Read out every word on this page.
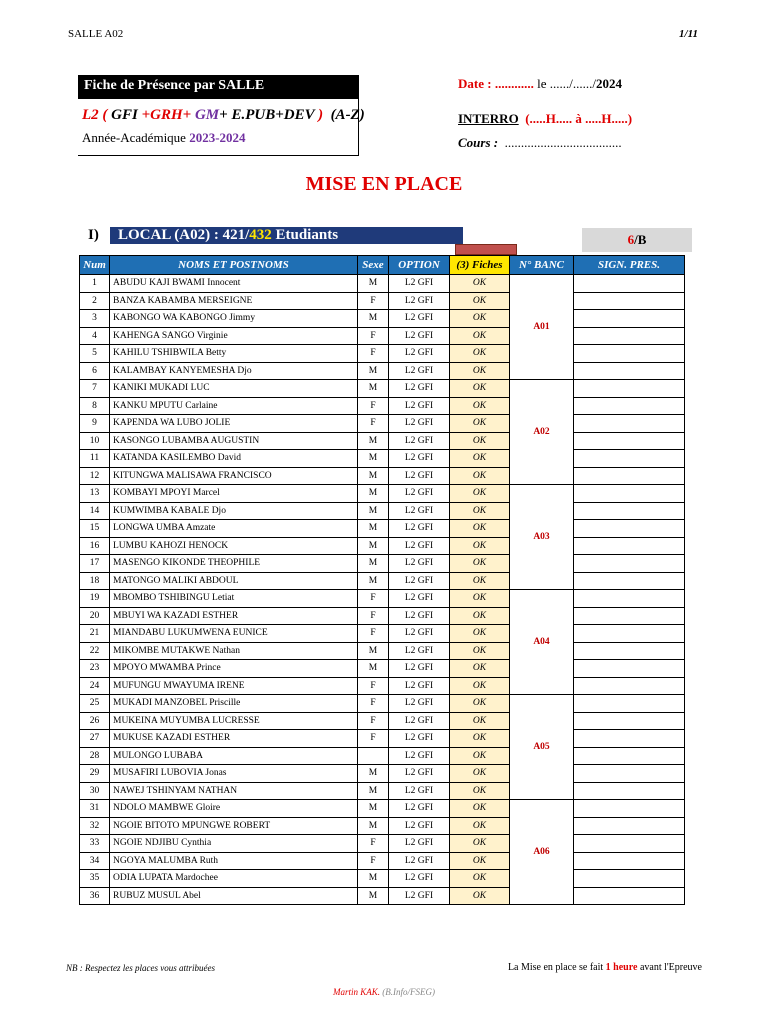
SALLE A02	1/11
Fiche de Présence par SALLE
L2 ( GFI +GRH+ GM+ E.PUB+DEV ) (A-Z)
Année-Académique 2023-2024
Date : ............ le ....../....../2024
INTERRO (.....H..... à .....H.....)
Cours : ....................................
MISE EN PLACE
I)	LOCAL (A02) : 421/432 Etudiants	6/B
Num	NOMS ET POSTNOMS	Sexe	OPTION	(3) Fiches	N° BANC	SIGN. PRES.
1	ABUDU KAJI BWAMI Innocent	M	L2 GFI	OK	A01	
2	BANZA KABAMBA MERSEIGNE	F	L2 GFI	OK		
3	KABONGO WA KABONGO Jimmy	M	L2 GFI	OK		
4	KAHENGA SANGO Virginie	F	L2 GFI	OK		
5	KAHILU TSHIBWILA Betty	F	L2 GFI	OK		
6	KALAMBAY KANYEMESHA Djo	M	L2 GFI	OK		
7	KANIKI MUKADI LUC	M	L2 GFI	OK	A02	
8	KANKU MPUTU Carlaine	F	L2 GFI	OK		
9	KAPENDA WA LUBO JOLIE	F	L2 GFI	OK		
10	KASONGO LUBAMBA AUGUSTIN	M	L2 GFI	OK		
11	KATANDA KASILEMBO David	M	L2 GFI	OK		
12	KITUNGWA MALISAWA FRANCISCO	M	L2 GFI	OK		
13	KOMBAYI MPOYI Marcel	M	L2 GFI	OK	A03	
14	KUMWIMBA KABALE Djo	M	L2 GFI	OK		
15	LONGWA UMBA Amzate	M	L2 GFI	OK		
16	LUMBU KAHOZI HENOCK	M	L2 GFI	OK		
17	MASENGO KIKONDE THEOPHILE	M	L2 GFI	OK		
18	MATONGO MALIKI ABDOUL	M	L2 GFI	OK		
19	MBOMBO TSHIBINGU Letiat	F	L2 GFI	OK	A04	
20	MBUYI WA KAZADI ESTHER	F	L2 GFI	OK		
21	MIANDABU LUKUMWENA EUNICE	F	L2 GFI	OK		
22	MIKOMBE MUTAKWE Nathan	M	L2 GFI	OK		
23	MPOYO MWAMBA Prince	M	L2 GFI	OK		
24	MUFUNGU MWAYUMA IRENE	F	L2 GFI	OK		
25	MUKADI MANZOBEL Priscille	F	L2 GFI	OK	A05	
26	MUKEINA MUYUMBA LUCRESSE	F	L2 GFI	OK		
27	MUKUSE KAZADI ESTHER	F	L2 GFI	OK		
28	MULONGO LUBABA		L2 GFI	OK		
29	MUSAFIRI LUBOVIA Jonas	M	L2 GFI	OK		
30	NAWEJ TSHINYAM NATHAN	M	L2 GFI	OK		
31	NDOLO MAMBWE Gloire	M	L2 GFI	OK	A06	
32	NGOIE BITOTO MPUNGWE ROBERT	M	L2 GFI	OK		
33	NGOIE NDJIBU Cynthia	F	L2 GFI	OK		
34	NGOYA MALUMBA Ruth	F	L2 GFI	OK		
35	ODIA LUPATA Mardochee	M	L2 GFI	OK		
36	RUBUZ MUSUL Abel	M	L2 GFI	OK		
NB : Respectez les places vous attribuées	La Mise en place se fait 1 heure avant l'Epreuve
Martin KAK. (B.Info/FSEG)
